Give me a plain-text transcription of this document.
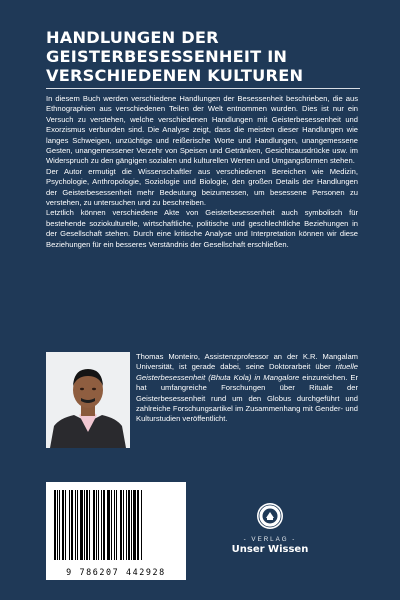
HANDLUNGEN DER
GEISTERBESESSENHEIT IN
VERSCHIEDENEN KULTUREN

In diesem Buch werden verschiedene Handlungen der Besessenheit beschrieben, die aus Ethnographien aus verschiedenen Teilen der Welt entnommen wurden. Dies ist nur ein Versuch zu verstehen, welche verschiedenen Handlungen mit Geisterbesessenheit und Exorzismus verbunden sind. Die Analyse zeigt, dass die meisten dieser Handlungen wie langes Schweigen, unzüchtige und reißerische Worte und Handlungen, unangemessene Gesten, unangemessener Verzehr von Speisen und Getränken, Gesichtsausdrücke usw. im Widerspruch zu den gängigen sozialen und kulturellen Werten und Umgangsformen stehen.

Der Autor ermutigt die Wissenschaftler aus verschiedenen Bereichen wie Medizin, Psychologie, Anthropologie, Soziologie und Biologie, den großen Details der Handlungen der Geisterbesessenheit mehr Bedeutung beizumessen, um besessene Personen zu verstehen, zu untersuchen und zu beschreiben.

Letztlich können verschiedene Akte von Geisterbesessenheit auch symbolisch für bestehende soziokulturelle, wirtschaftliche, politische und geschlechtliche Beziehungen in der Gesellschaft stehen. Durch eine kritische Analyse und Interpretation können wir diese Beziehungen für ein besseres Verständnis der Gesellschaft erschließen.

Thomas Monteiro, Assistenzprofessor an der K.R. Mangalam Universität, ist gerade dabei, seine Doktorarbeit über rituelle Geisterbesessenheit (Bhuta Kola) in Mangalore einzureichen. Er hat umfangreiche Forschungen über Rituale der Geisterbesessenheit rund um den Globus durchgeführt und zahlreiche Forschungsartikel im Zusammenhang mit Gender- und Kulturstudien veröffentlicht.

9 786207 442928
- VERLAG -
Unser Wissen
